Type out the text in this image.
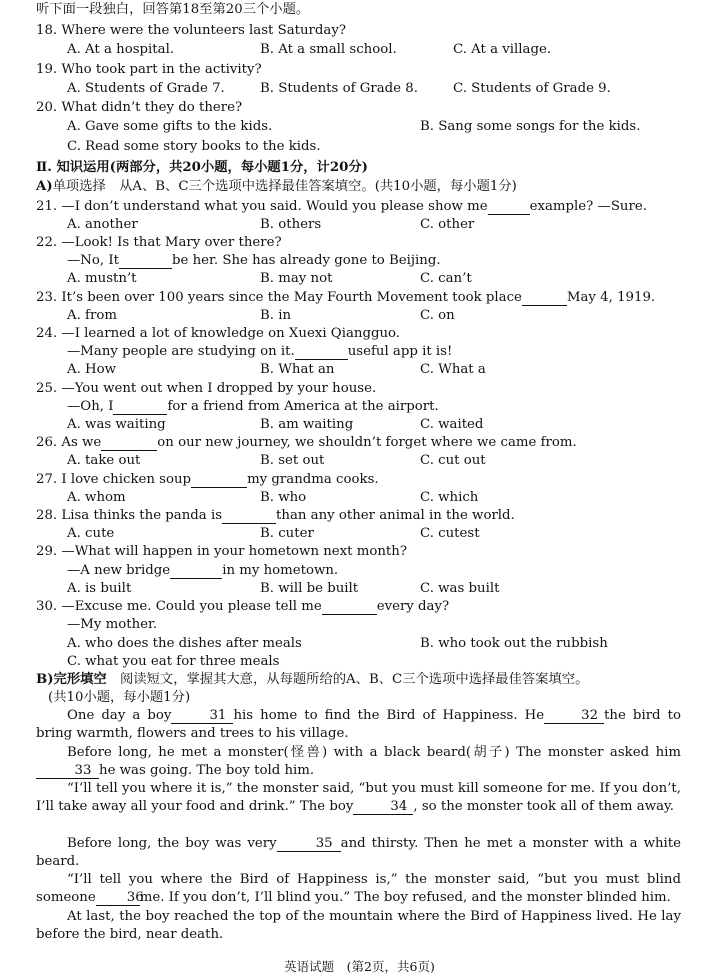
听下面一段独白，回答第18至第20三个小题。
18. Where were the volunteers last Saturday?
A. At a hospital.	B. At a small school.	C. At a village.
19. Who took part in the activity?
A. Students of Grade 7.	B. Students of Grade 8.	C. Students of Grade 9.
20. What didn’t they do there?
A. Gave some gifts to the kids.	B. Sang some songs for the kids.
C. Read some story books to the kids.
Ⅱ. 知识运用(两部分，共20小题，每小题1分，计20分)
A)单项选择　从A、B、C三个选项中选择最佳答案填空。(共10小题，每小题1分)
21. —I don’t understand what you said. Would you please show me	example? —Sure.
A. another	B. others	C. other
22. —Look! Is that Mary over there?
—No, It	be her. She has already gone to Beijing.
A. mustn’t	B. may not	C. can’t
23. It’s been over 100 years since the May Fourth Movement took place	May 4, 1919.
A. from	B. in	C. on
24. —I learned a lot of knowledge on Xuexi Qiangguo.
—Many people are studying on it.	useful app it is!
A. How	B. What an	C. What a
25. —You went out when I dropped by your house.
—Oh, I	for a friend from America at the airport.
A. was waiting	B. am waiting	C. waited
26. As we	on our new journey, we shouldn’t forget where we came from.
A. take out	B. set out	C. cut out
27. I love chicken soup	my grandma cooks.
A. whom	B. who	C. which
28. Lisa thinks the panda is	than any other animal in the world.
A. cute	B. cuter	C. cutest
29. —What will happen in your hometown next month?
—A new bridge	in my hometown.
A. is built	B. will be built	C. was built
30. —Excuse me. Could you please tell me	every day?
—My mother.
A. who does the dishes after meals	B. who took out the rubbish
C. what you eat for three meals
B)完形填空　 阅读短文，掌握其大意，从每题所给的A、B、C三个选项中选择最佳答案填空。
(共10小题，每小题1分)
One day a boy	31 his home to find the Bird of Happiness. He	32 the bird to bring warmth, flowers and trees to his village.
Before long, he met a monster(怪兽) with a black beard(胡子) The monster asked him 33 he was going. The boy told him.
“I’ll tell you where it is,” the monster said, “but you must kill someone for me. If you don’t, I’ll take away all your food and drink.” The boy	34 , so the monster took all of them away.
Before long, the boy was very	35 and thirsty. Then he met a monster with a white beard.
“I’ll tell you where the Bird of Happiness is,” the monster said, “but you must blind someone 36me. If you don’t, I’ll blind you.” The boy refused, and the monster blinded him.
At last, the boy reached the top of the mountain where the Bird of Happiness lived. He lay before the bird, near death.
英语试题　(第2页，共6页)
